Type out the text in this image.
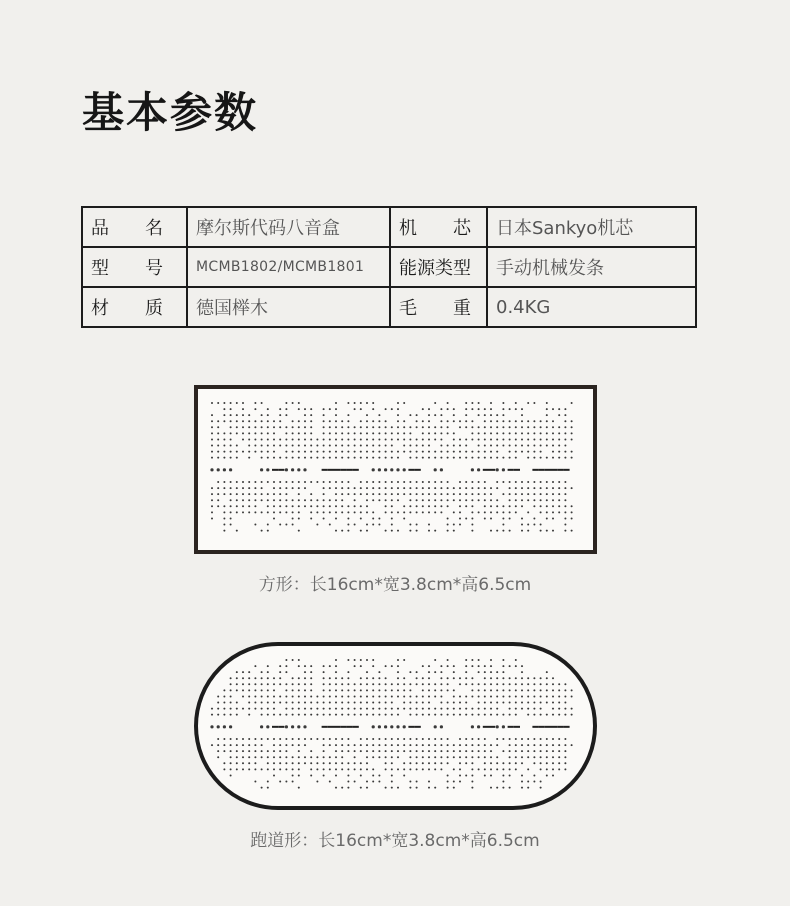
基本参数
品　　名	摩尔斯代码八音盒	机　　芯	日本Sankyo机芯
型　　号	MCMB1802/MCMB1801	能源类型	手动机械发条
材　　质	德国榉木	毛　　重	0.4KG
方形：长16cm*宽3.8cm*高6.5cm
跑道形：长16cm*宽3.8cm*高6.5cm
